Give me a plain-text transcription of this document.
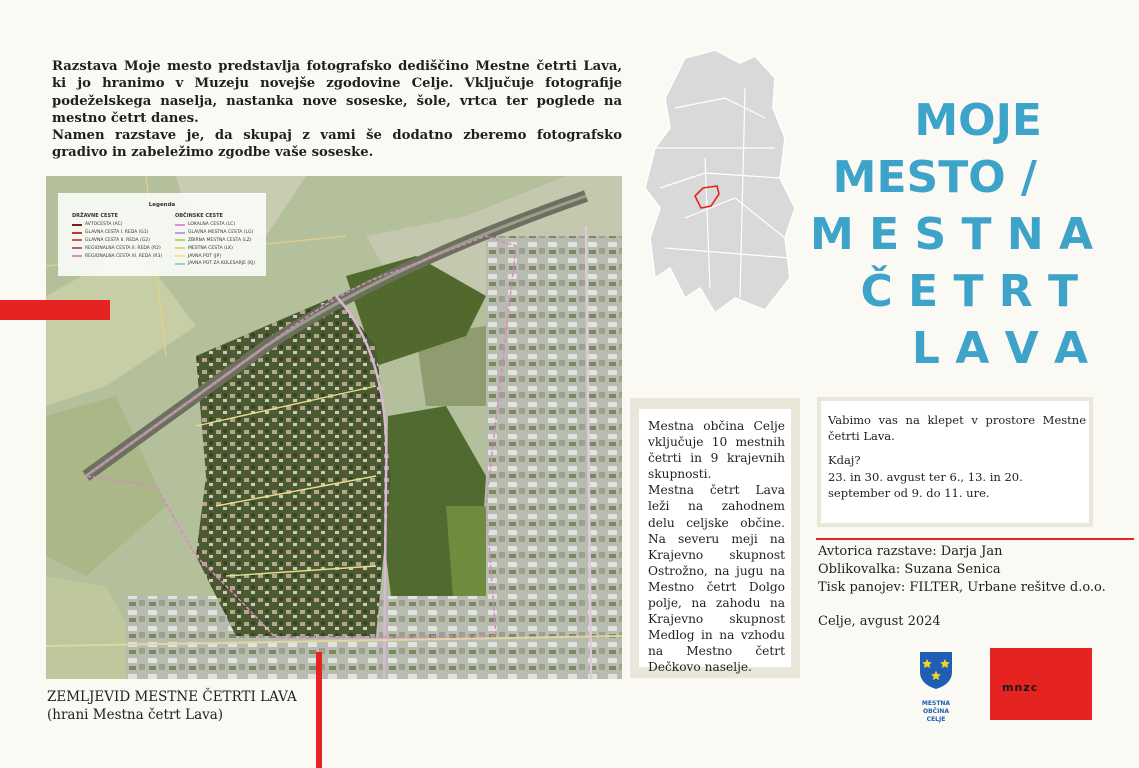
Razstava Moje mesto predstavlja fotografsko dediščino Mestne četrti Lava, ki jo hranimo v Muzeju novejše zgodovine Celje. Vključuje fotografije podeželskega naselja, nastanka nove soseske, šole, vrtca ter poglede na mestno četrt danes.

Namen razstave je, da skupaj z vami še dodatno zberemo fotografsko gradivo in zabeležimo zgodbe vaše soseske.

Legenda
DRŽAVNE CESTE
AVTOCESTA (AC)
GLAVNA CESTA I. REDA (G1)
GLAVNA CESTA II. REDA (G2)
REGIONALNA CESTA II. REDA (R2)
REGIONALNA CESTA III. REDA (R3)
OBČINSKE CESTE
LOKALNA CESTA (LC)
GLAVNA MESTNA CESTA (LG)
ZBIRNA MESTNA CESTA (LZ)
MESTNA CESTA (LK)
JAVNA POT (JP)
JAVNA POT ZA KOLESARJE (KJ)
ZEMLJEVID MESTNE ČETRTI LAVA
(hrani Mestna četrt Lava)
MOJE
MESTO /
M E S T N A
Č E T R T
L A V A

Mestna občina Celje vključuje 10 mestnih četrti in 9 krajevnih skupnosti.

Mestna četrt Lava leži na zahodnem delu celjske občine. Na severu meji na Krajevno skupnost Ostrožno, na jugu na Mestno četrt Dolgo polje, na zahodu na Krajevno skupnost Medlog in na vzhodu na Mestno četrt Dečkovo naselje.

Vabimo vas na klepet v prostore Mestne četrti Lava.

Kdaj?

23. in 30. avgust ter 6., 13. in 20. september od 9. do 11. ure.

Avtorica razstave: Darja Jan

Oblikovalka: Suzana Senica

Tisk panojev: FILTER, Urbane rešitve d.o.o.

Celje, avgust 2024

MESTNA
OBČINA
CELJE
mnzc
